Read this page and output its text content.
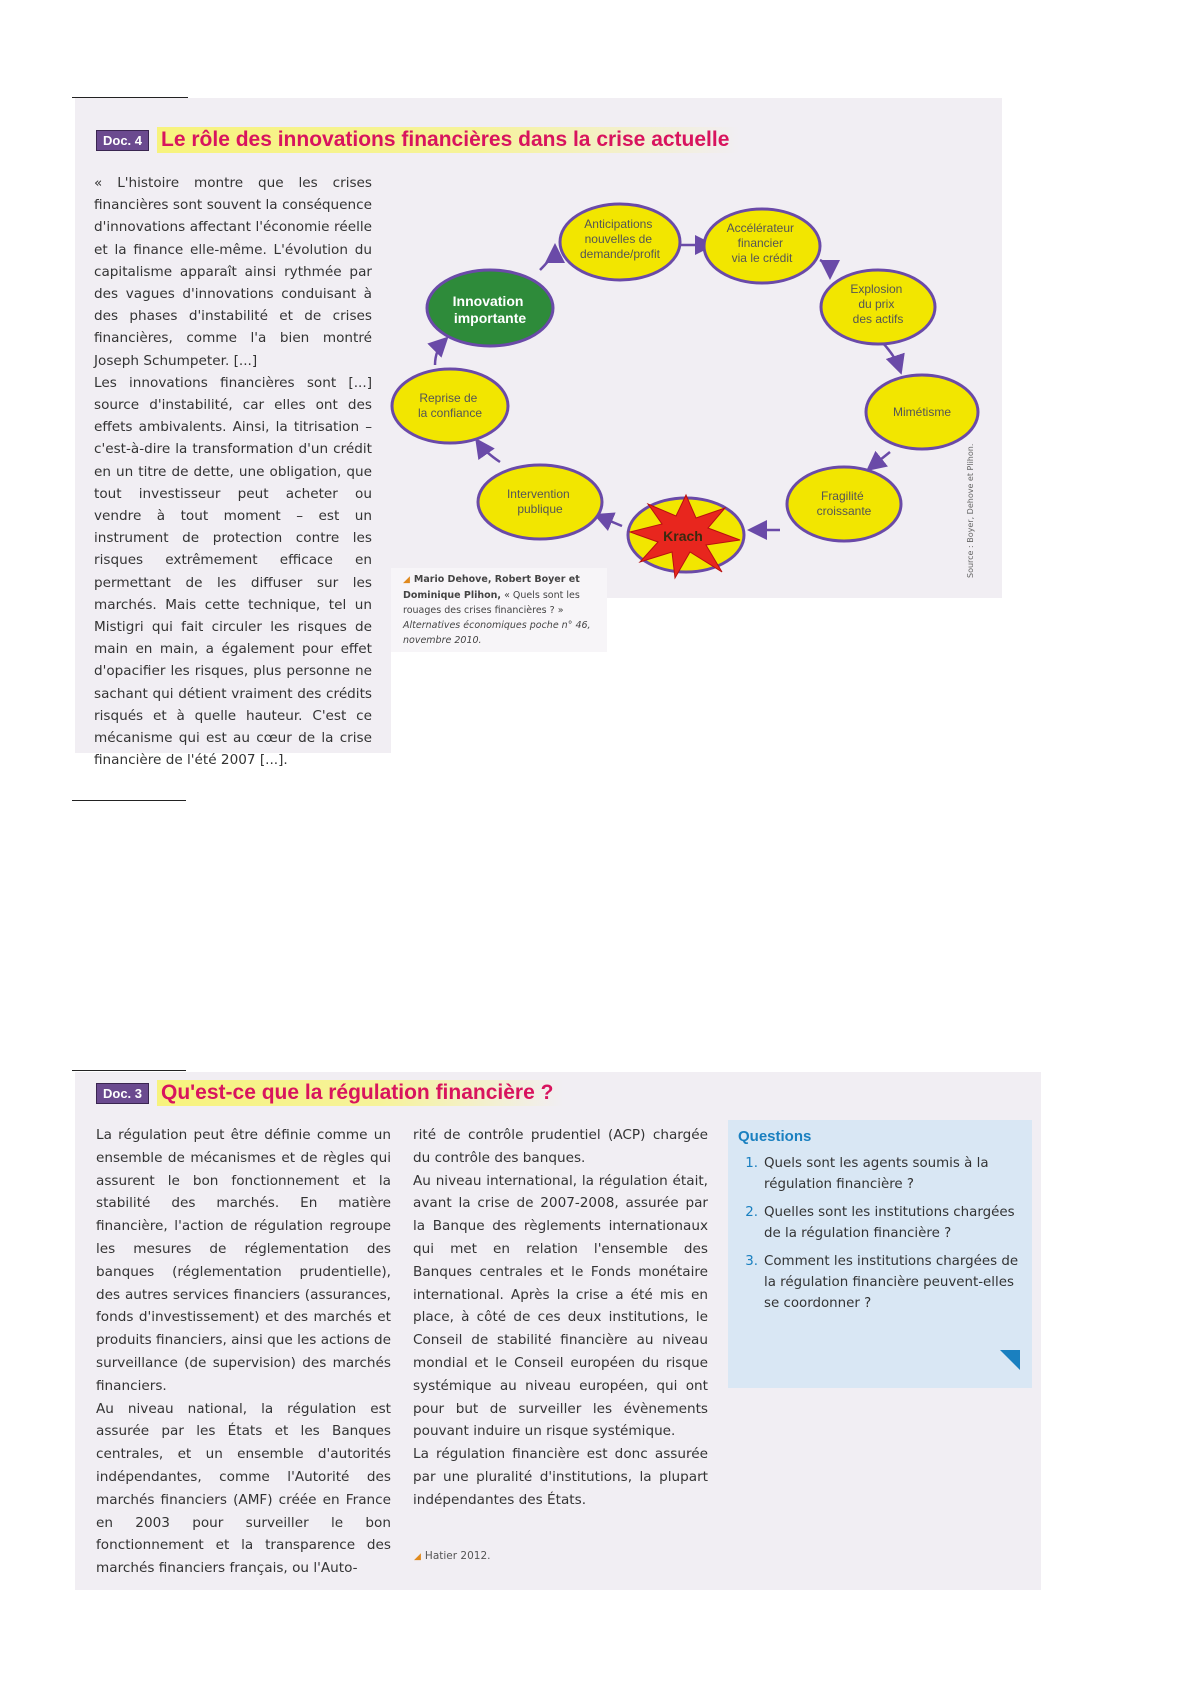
Doc. 4 Le rôle des innovations financières dans la crise actuelle

« L'histoire montre que les crises financières sont souvent la conséquence d'innovations affectant l'économie réelle et la finance elle-même. L'évolution du capitalisme apparaît ainsi rythmée par des vagues d'innovations conduisant à des phases d'instabilité et de crises financières, comme l'a bien montré Joseph Schumpeter. [...]

Les innovations financières sont [...] source d'instabilité, car elles ont des effets ambivalents. Ainsi, la titrisation – c'est-à-dire la transformation d'un crédit en un titre de dette, une obligation, que tout investisseur peut acheter ou vendre à tout moment – est un instrument de protection contre les risques extrêmement efficace en permettant de les diffuser sur les marchés. Mais cette technique, tel un Mistigri qui fait circuler les risques de main en main, a également pour effet d'opacifier les risques, plus personne ne sachant qui détient vraiment des crédits risqués et à quelle hauteur. C'est ce mécanisme qui est au cœur de la crise financière de l'été 2007 [...].

Innovation importante
Anticipations nouvelles de demande/profit
Accélérateur financier via le crédit
Explosion du prix des actifs
Mimétisme
Fragilité croissante
Krach
Intervention publique
Reprise de la confiance
Source : Boyer, Dehove et Plihon.
◢ Mario Dehove, Robert Boyer et Dominique Plihon, « Quels sont les rouages des crises financières ? » Alternatives économiques poche n° 46, novembre 2010.
Doc. 3 Qu'est-ce que la régulation financière ?

La régulation peut être définie comme un ensemble de mécanismes et de règles qui assurent le bon fonctionnement et la stabilité des marchés. En matière financière, l'action de régulation regroupe les mesures de réglementation des banques (réglementation prudentielle), des autres services financiers (assurances, fonds d'investissement) et des marchés et produits financiers, ainsi que les actions de surveillance (de supervision) des marchés financiers.

Au niveau national, la régulation est assurée par les États et les Banques centrales, et un ensemble d'autorités indépendantes, comme l'Autorité des marchés financiers (AMF) créée en France en 2003 pour surveiller le bon fonctionnement et la transparence des marchés financiers français, ou l'Auto-

rité de contrôle prudentiel (ACP) chargée du contrôle des banques.

Au niveau international, la régulation était, avant la crise de 2007-2008, assurée par la Banque des règlements internationaux qui met en relation l'ensemble des Banques centrales et le Fonds monétaire international. Après la crise a été mis en place, à côté de ces deux institutions, le Conseil de stabilité financière au niveau mondial et le Conseil européen du risque systémique au niveau européen, qui ont pour but de surveiller les évènements pouvant induire un risque systémique.

La régulation financière est donc assurée par une pluralité d'institutions, la plupart indépendantes des États.

◢ Hatier 2012.
Questions
1. Quels sont les agents soumis à la régulation financière ?
2. Quelles sont les institutions chargées de la régulation financière ?
3. Comment les institutions chargées de la régulation financière peuvent-elles se coordonner ?
